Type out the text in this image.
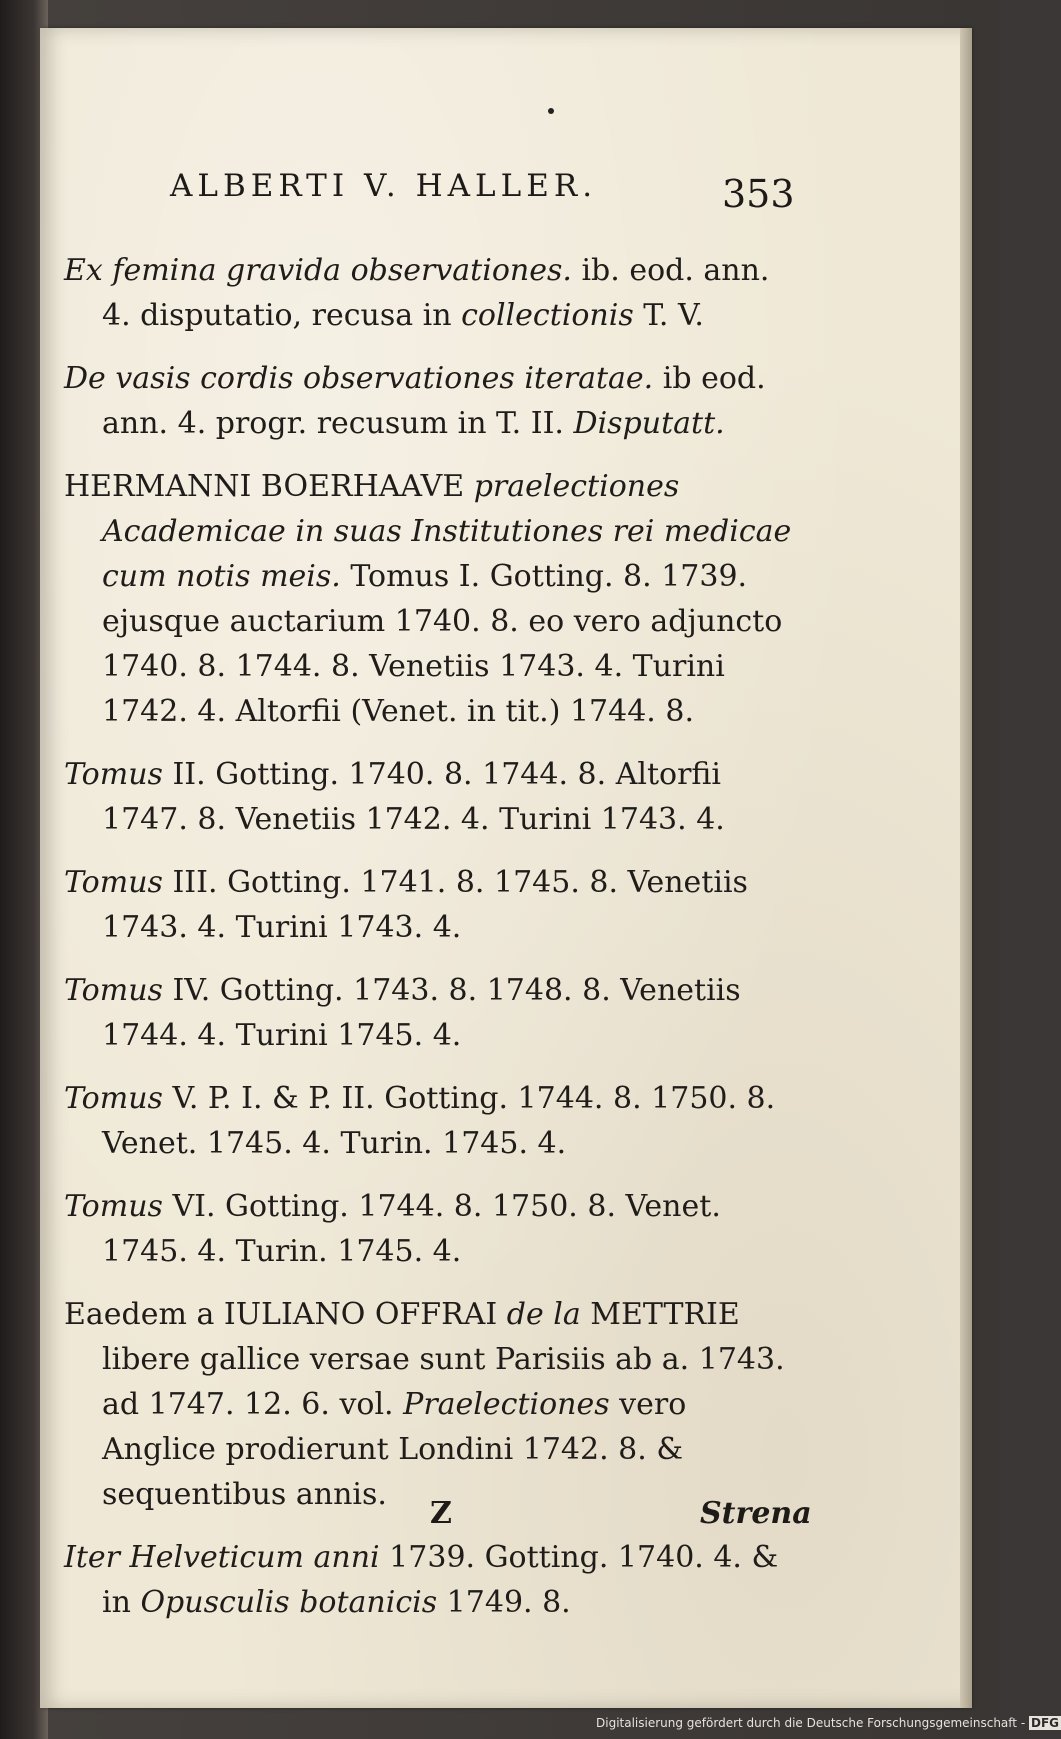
ALBERTI V. HALLER.	353
Ex femina gravida observationes. ib. eod. ann. 4. disputatio, recusa in collectionis T. V.
De vasis cordis observationes iteratae. ib eod. ann. 4. progr. recusum in T. II. Disputatt.
HERMANNI BOERHAAVE praelectiones Academicae in suas Institutiones rei medicae cum notis meis. Tomus I. Gotting. 8. 1739. ejusque auctarium 1740. 8. eo vero adjuncto 1740. 8. 1744. 8. Venetiis 1743. 4. Turini 1742. 4. Altorfii (Venet. in tit.) 1744. 8.
Tomus II. Gotting. 1740. 8. 1744. 8. Altorfii 1747. 8. Venetiis 1742. 4. Turini 1743. 4.
Tomus III. Gotting. 1741. 8. 1745. 8. Venetiis 1743. 4. Turini 1743. 4.
Tomus IV. Gotting. 1743. 8. 1748. 8. Venetiis 1744. 4. Turini 1745. 4.
Tomus V. P. I. & P. II. Gotting. 1744. 8. 1750. 8. Venet. 1745. 4. Turin. 1745. 4.
Tomus VI. Gotting. 1744. 8. 1750. 8. Venet. 1745. 4. Turin. 1745. 4.
Eaedem a IULIANO OFFRAI de la METTRIE libere gallice versae sunt Parisiis ab a. 1743. ad 1747. 12. 6. vol. Praelectiones vero Anglice prodierunt Londini 1742. 8. & sequentibus annis.
Iter Helveticum anni 1739. Gotting. 1740. 4. & in Opusculis botanicis 1749. 8.
Z	Strena
Digitalisierung gefördert durch die Deutsche Forschungsgemeinschaft - DFG
